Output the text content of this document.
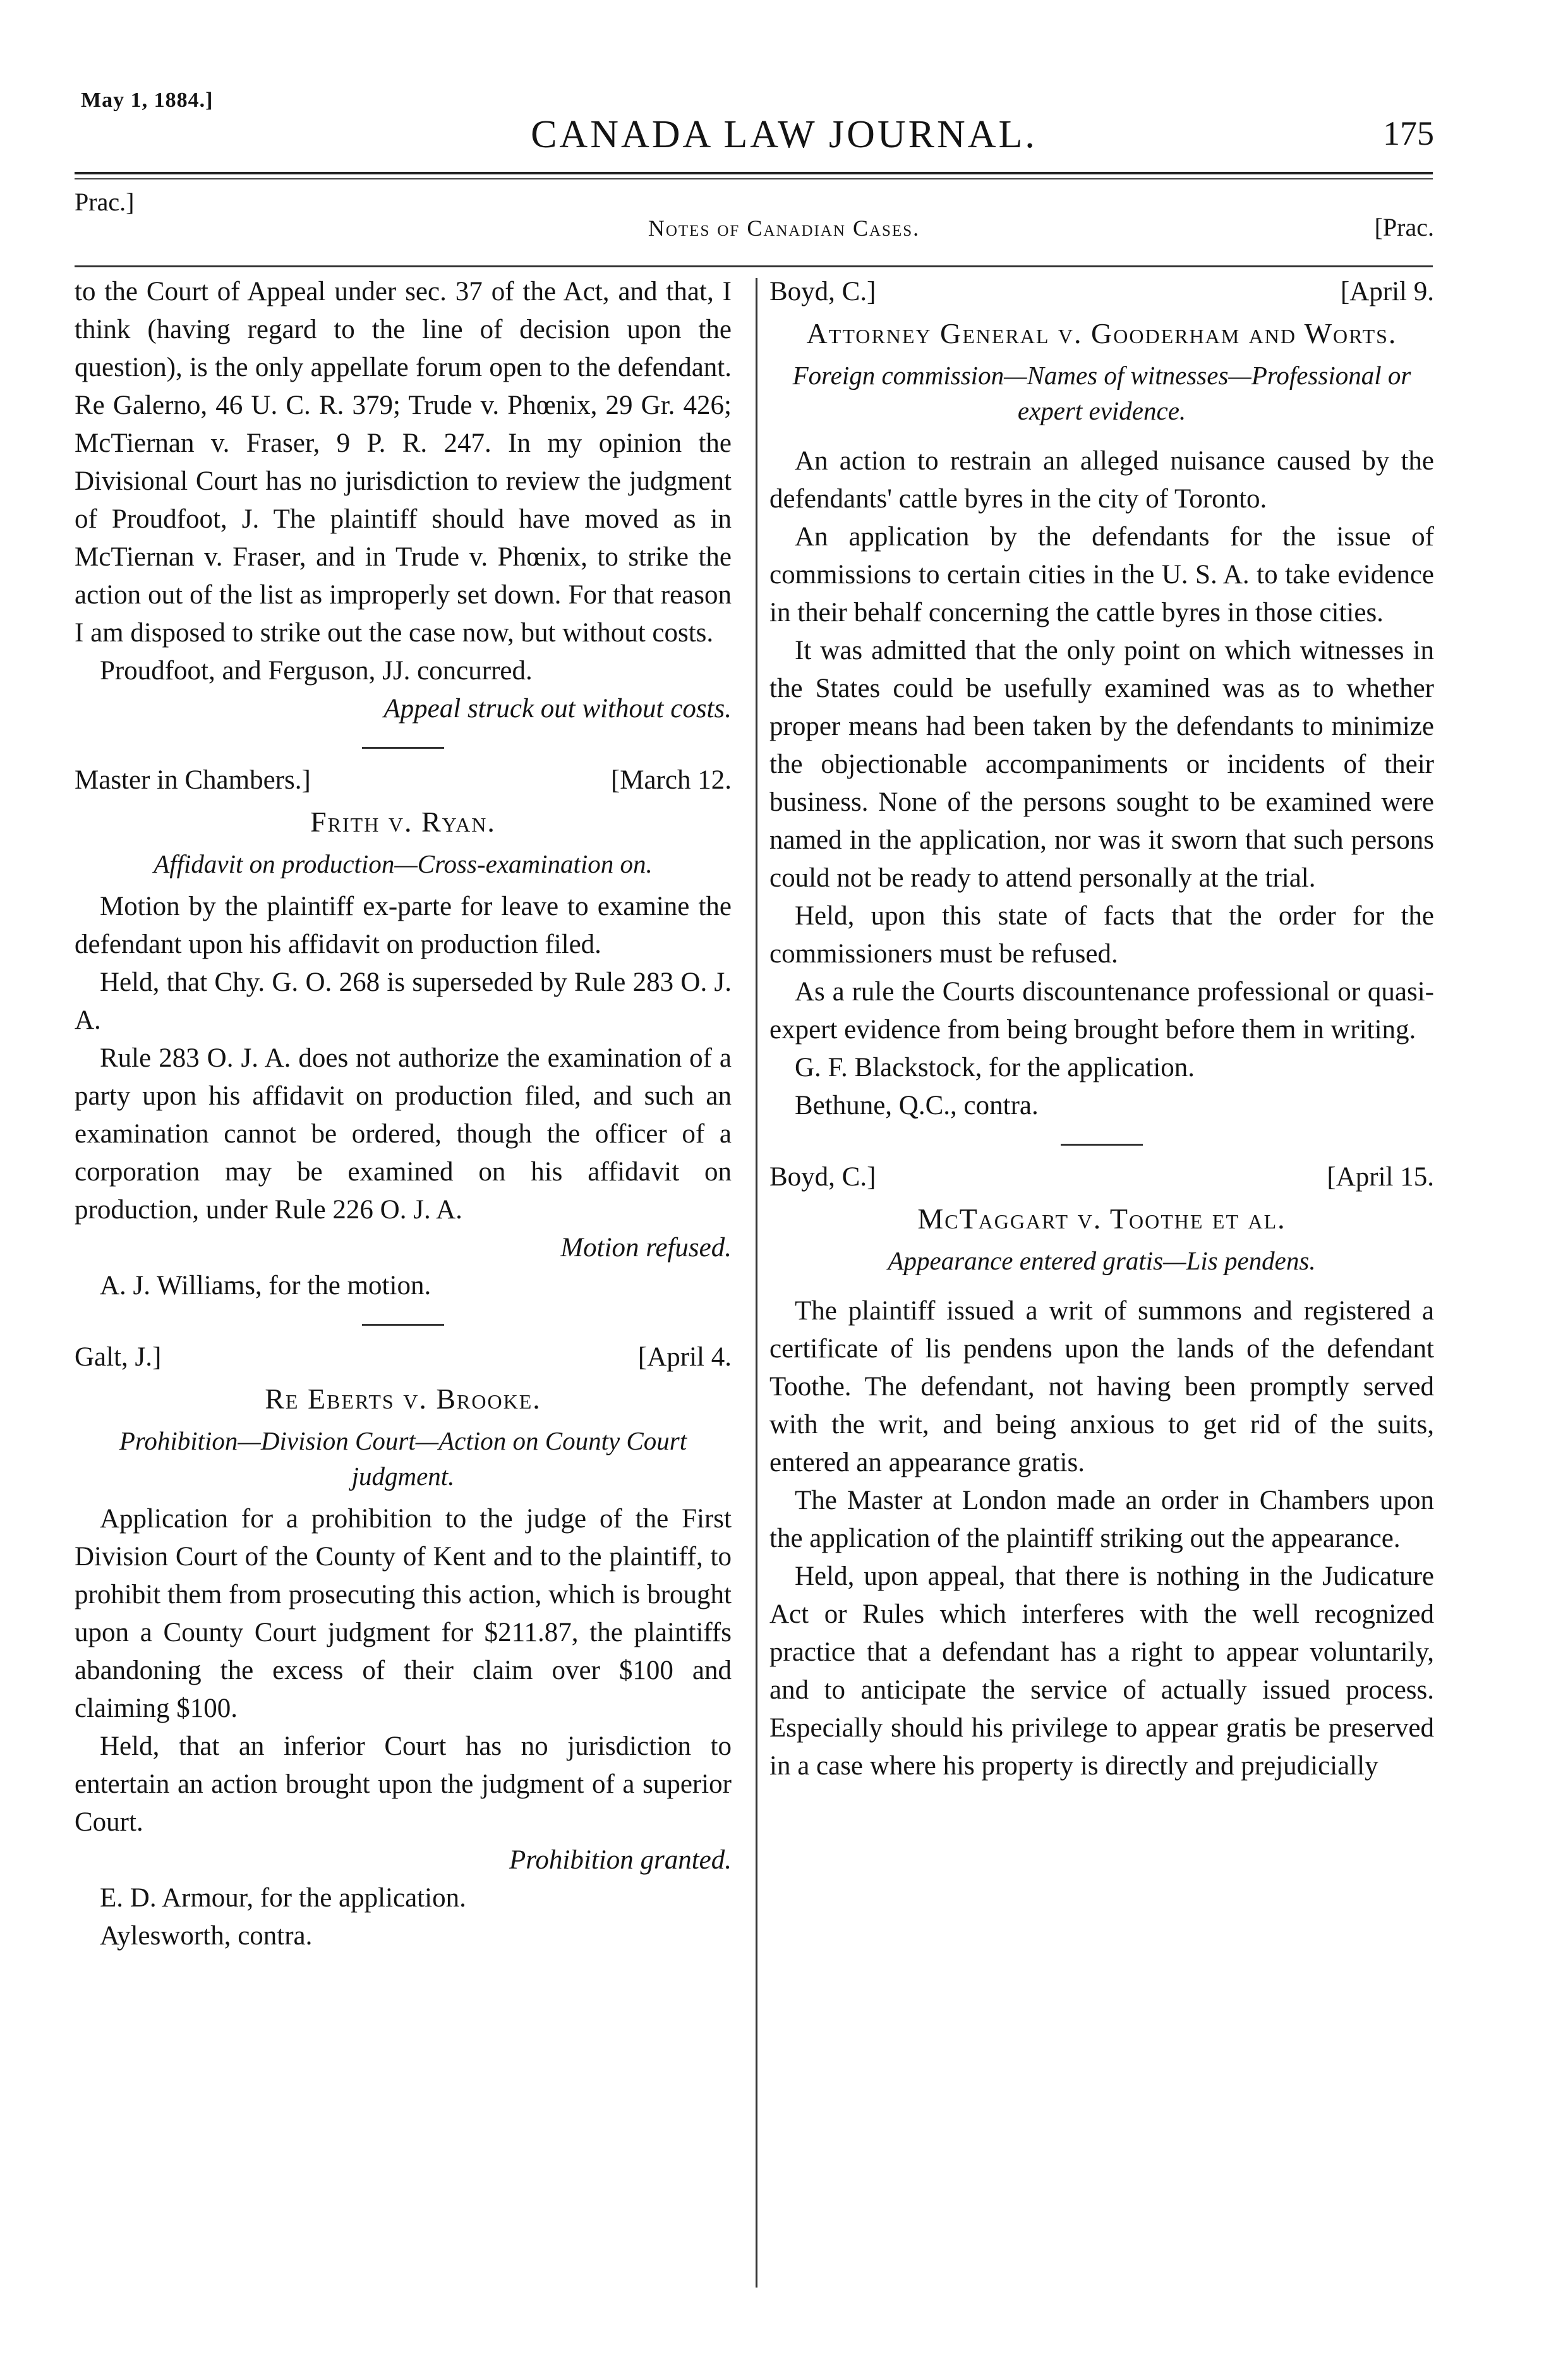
May 1, 1884.]
CANADA LAW JOURNAL.	175
Prac.]
Notes of Canadian Cases.	[Prac.

to the Court of Appeal under sec. 37 of the Act, and that, I think (having regard to the line of decision upon the question), is the only appellate forum open to the defendant. Re Galerno, 46 U. C. R. 379; Trude v. Phœnix, 29 Gr. 426; McTiernan v. Fraser, 9 P. R. 247. In my opinion the Divisional Court has no jurisdiction to review the judgment of Proudfoot, J. The plaintiff should have moved as in McTiernan v. Fraser, and in Trude v. Phœnix, to strike the action out of the list as improperly set down. For that reason I am disposed to strike out the case now, but without costs.

Proudfoot, and Ferguson, JJ. concurred.

Appeal struck out without costs.

Master in Chambers.]	[March 12.
Frith v. Ryan.
Affidavit on production—Cross-examination on.

Motion by the plaintiff ex-parte for leave to examine the defendant upon his affidavit on production filed.

Held, that Chy. G. O. 268 is superseded by Rule 283 O. J. A.

Rule 283 O. J. A. does not authorize the examination of a party upon his affidavit on production filed, and such an examination cannot be ordered, though the officer of a corporation may be examined on his affidavit on production, under Rule 226 O. J. A.

Motion refused.

A. J. Williams, for the motion.

Galt, J.]	[April 4.
Re Eberts v. Brooke.
Prohibition—Division Court—Action on County Court judgment.

Application for a prohibition to the judge of the First Division Court of the County of Kent and to the plaintiff, to prohibit them from prosecuting this action, which is brought upon a County Court judgment for $211.87, the plaintiffs abandoning the excess of their claim over $100 and claiming $100.

Held, that an inferior Court has no jurisdiction to entertain an action brought upon the judgment of a superior Court.

Prohibition granted.

E. D. Armour, for the application.

Aylesworth, contra.

Boyd, C.]	[April 9.
Attorney General v. Gooderham and Worts.
Foreign commission—Names of witnesses—Professional or expert evidence.

An action to restrain an alleged nuisance caused by the defendants' cattle byres in the city of Toronto.

An application by the defendants for the issue of commissions to certain cities in the U. S. A. to take evidence in their behalf concerning the cattle byres in those cities.

It was admitted that the only point on which witnesses in the States could be usefully examined was as to whether proper means had been taken by the defendants to minimize the objectionable accompaniments or incidents of their business. None of the persons sought to be examined were named in the application, nor was it sworn that such persons could not be ready to attend personally at the trial.

Held, upon this state of facts that the order for the commissioners must be refused.

As a rule the Courts discountenance professional or quasi-expert evidence from being brought before them in writing.

G. F. Blackstock, for the application.

Bethune, Q.C., contra.

Boyd, C.]	[April 15.
McTaggart v. Toothe et al.
Appearance entered gratis—Lis pendens.

The plaintiff issued a writ of summons and registered a certificate of lis pendens upon the lands of the defendant Toothe. The defendant, not having been promptly served with the writ, and being anxious to get rid of the suits, entered an appearance gratis.

The Master at London made an order in Chambers upon the application of the plaintiff striking out the appearance.

Held, upon appeal, that there is nothing in the Judicature Act or Rules which interferes with the well recognized practice that a defendant has a right to appear voluntarily, and to anticipate the service of actually issued process. Especially should his privilege to appear gratis be preserved in a case where his property is directly and prejudicially
